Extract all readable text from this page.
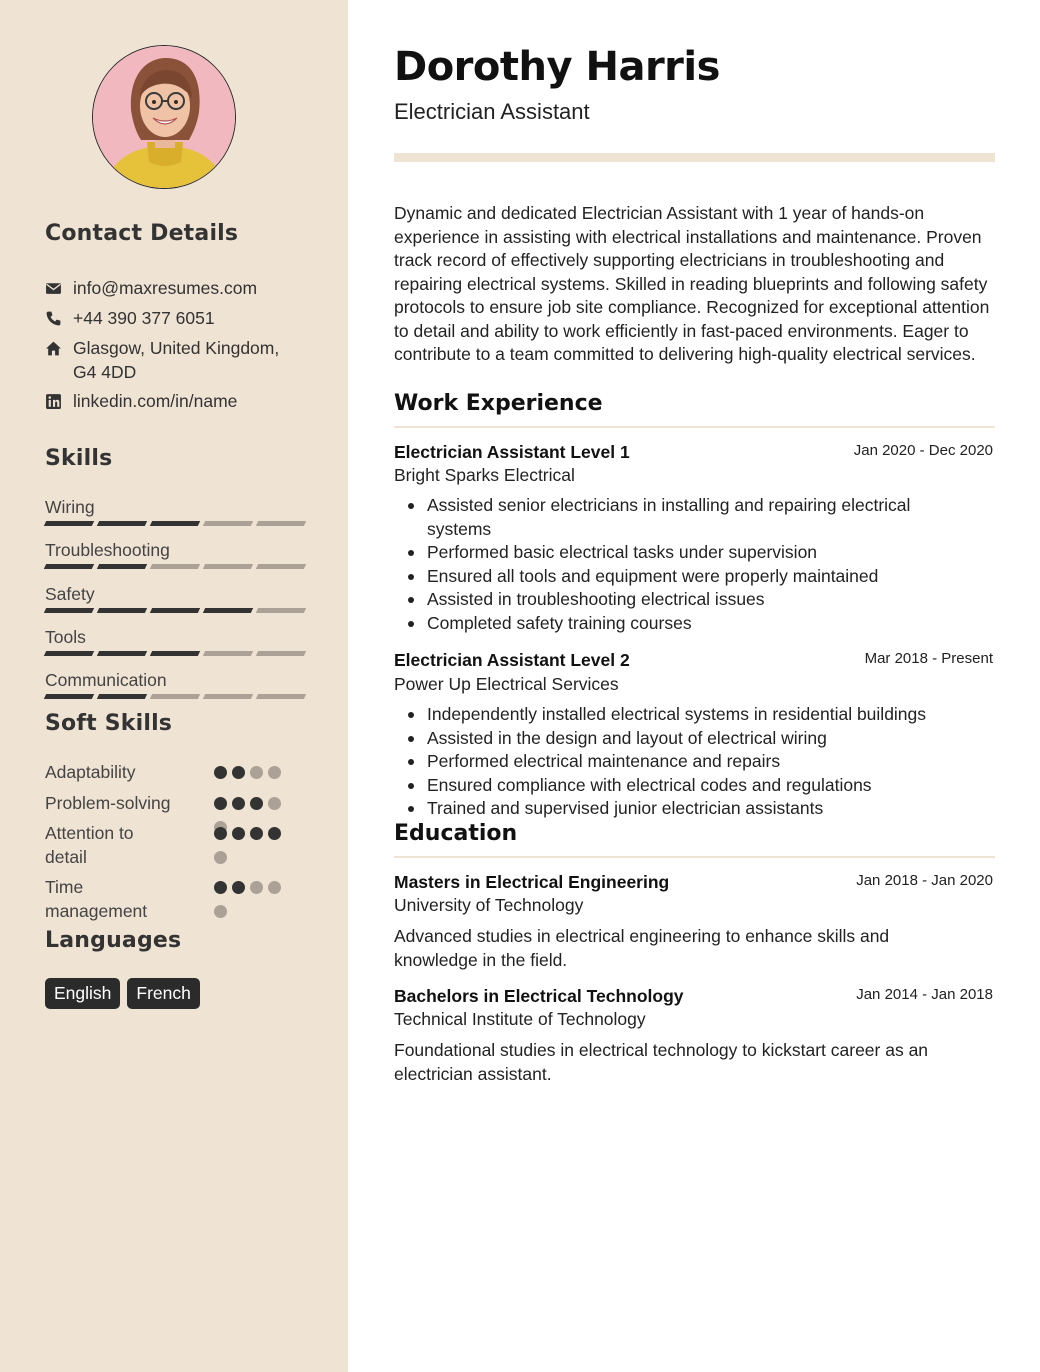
Contact Details
info@maxresumes.com
+44 390 377 6051
Glasgow, United Kingdom, G4 4DD
linkedin.com/in/name
Skills
Wiring
Troubleshooting
Safety
Tools
Communication
Soft Skills
Adaptability
Problem-solving
Attention to detail
Time management
Languages
English	French
Dorothy Harris
Electrician Assistant
Dynamic and dedicated Electrician Assistant with 1 year of hands-on experience in assisting with electrical installations and maintenance. Proven track record of effectively supporting electricians in troubleshooting and repairing electrical systems. Skilled in reading blueprints and following safety protocols to ensure job site compliance. Recognized for exceptional attention to detail and ability to work efficiently in fast-paced environments. Eager to contribute to a team committed to delivering high-quality electrical services.
Work Experience
Electrician Assistant Level 1	Jan 2020 - Dec 2020
Bright Sparks Electrical
Assisted senior electricians in installing and repairing electrical systems
Performed basic electrical tasks under supervision
Ensured all tools and equipment were properly maintained
Assisted in troubleshooting electrical issues
Completed safety training courses
Electrician Assistant Level 2	Mar 2018 - Present
Power Up Electrical Services
Independently installed electrical systems in residential buildings
Assisted in the design and layout of electrical wiring
Performed electrical maintenance and repairs
Ensured compliance with electrical codes and regulations
Trained and supervised junior electrician assistants
Education
Masters in Electrical Engineering	Jan 2018 - Jan 2020
University of Technology
Advanced studies in electrical engineering to enhance skills and knowledge in the field.
Bachelors in Electrical Technology	Jan 2014 - Jan 2018
Technical Institute of Technology
Foundational studies in electrical technology to kickstart career as an electrician assistant.
